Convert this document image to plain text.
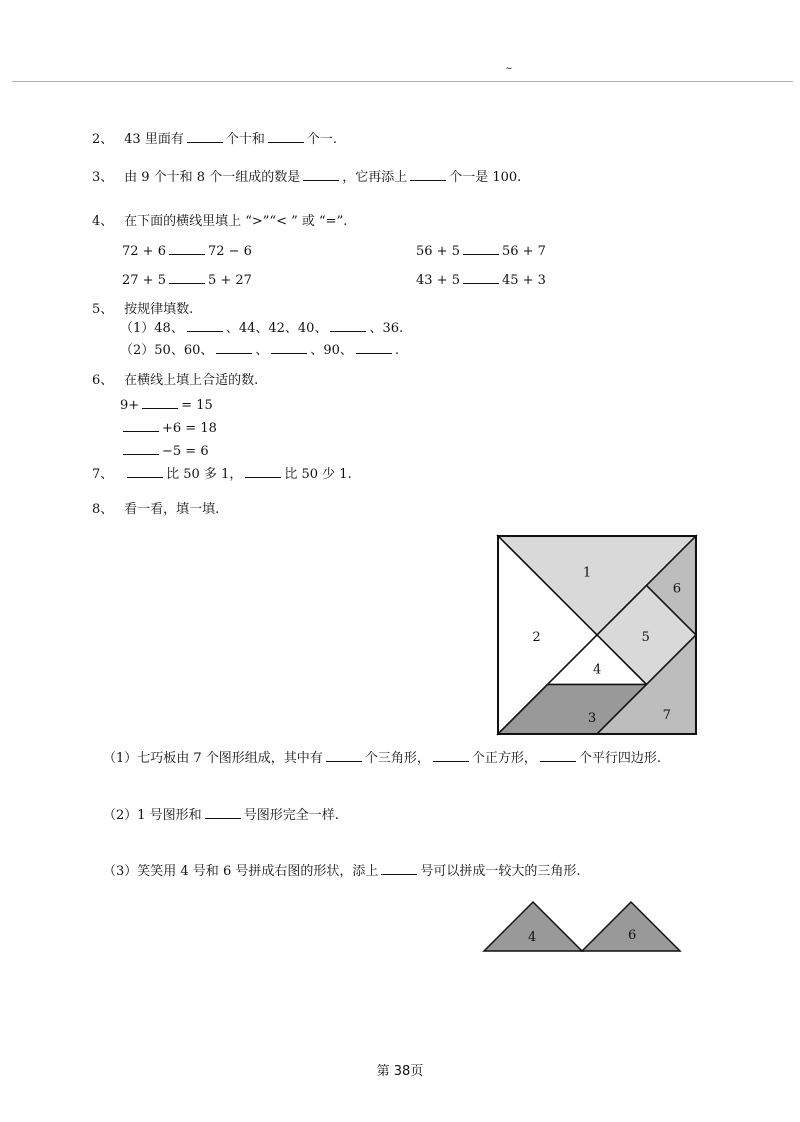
~
2、 43 里面有	个十和	个一.
3、 由 9 个十和 8 个一组成的数是	，它再添上	个一是 100.
4、 在下面的横线里填上 “>”“< ” 或 “=”.
72 + 6	72 − 6	56 + 5	56 + 7
27 + 5	5 + 27	43 + 5	45 + 3
5、 按规律填数.
（1）48、	、44、42、40、	、36.
（2）50、60、	、	、90、	.
6、 在横线上填上合适的数.
9+	= 15
+6 = 18
−5 = 6
7、	比 50 多 1，	比 50 少 1.
8、 看一看，填一填.
1
2
3
4
5
6
7
（1）七巧板由 7 个图形组成，其中有	个三角形，	个正方形，	个平行四边形.
（2）1 号图形和	号图形完全一样.
（3）笑笑用 4 号和 6 号拼成右图的形状，添上	号可以拼成一较大的三角形.
4	6
第 38页
